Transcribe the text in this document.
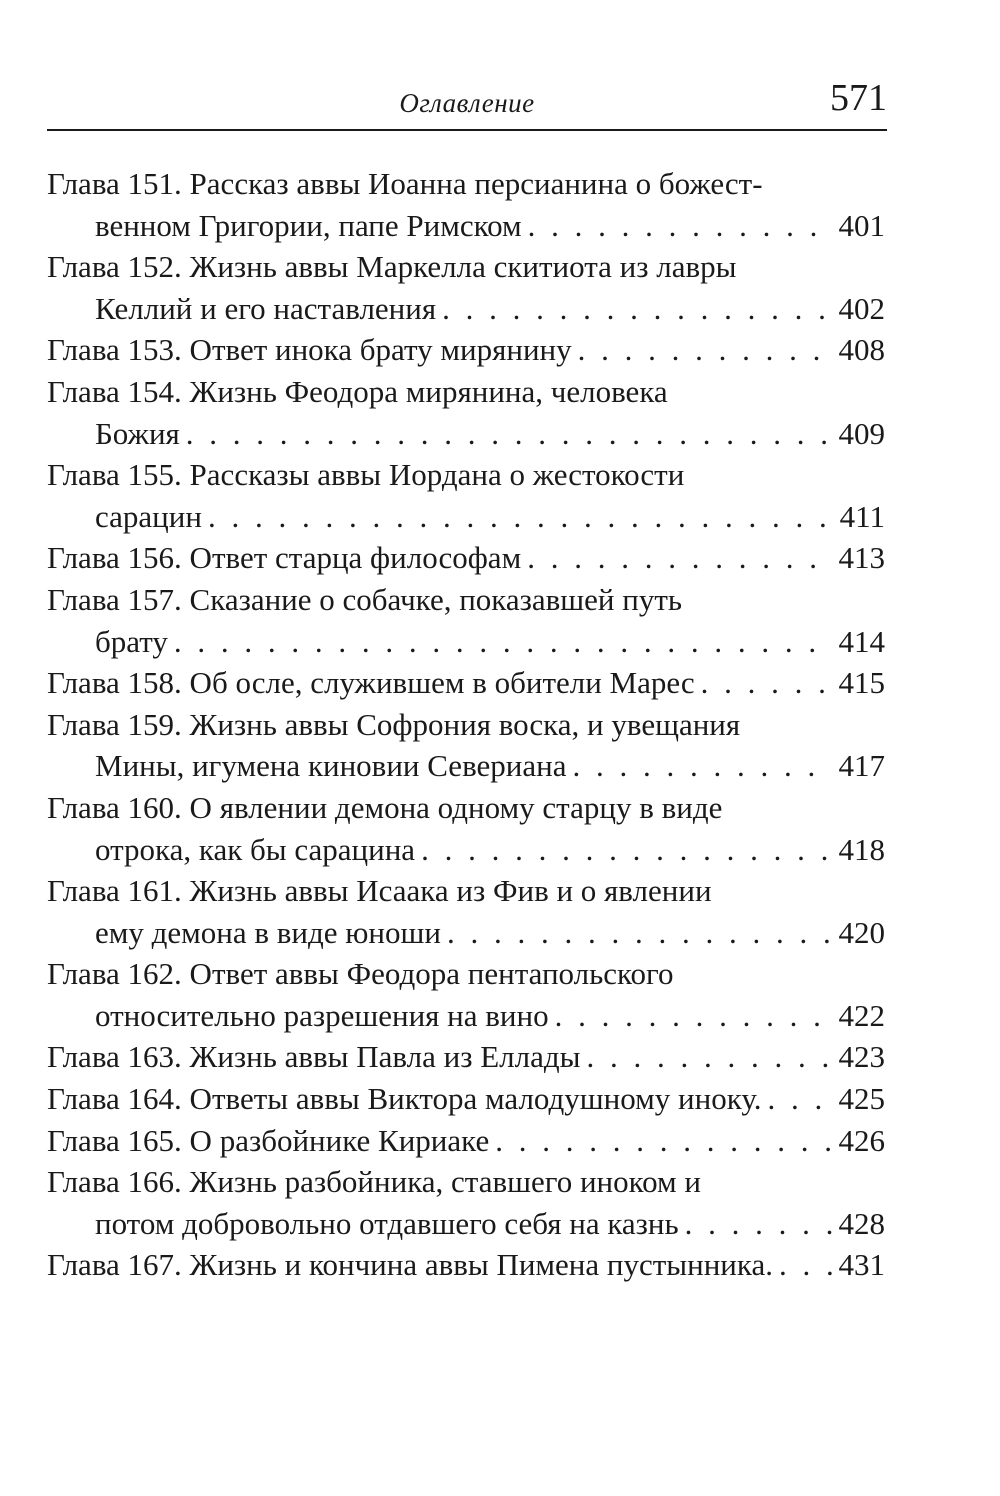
Оглавление	571
Глава 151. Рассказ аввы Иоанна персианина о божест-
венном Григории, папе Римском . . .	401
Глава 152. Жизнь аввы Маркелла скитиота из лавры
Келлий и его наставления . . .	402
Глава 153. Ответ инока брату мирянину . . .	408
Глава 154. Жизнь Феодора мирянина, человека
Божия . . .	409
Глава 155. Рассказы аввы Иордана о жестокости
сарацин . . .	411
Глава 156. Ответ старца философам . . .	413
Глава 157. Сказание о собачке, показавшей путь
брату . . .	414
Глава 158. Об осле, служившем в обители Марес . . .	415
Глава 159. Жизнь аввы Софрония воска, и увещания
Мины, игумена киновии Севериана . . .	417
Глава 160. О явлении демона одному старцу в виде
отрока, как бы сарацина . . .	418
Глава 161. Жизнь аввы Исаака из Фив и о явлении
ему демона в виде юноши . . .	420
Глава 162. Ответ аввы Феодора пентапольского
относительно разрешения на вино . . .	422
Глава 163. Жизнь аввы Павла из Еллады . . .	423
Глава 164. Ответы аввы Виктора малодушному иноку. . . . 425
Глава 165. О разбойнике Кириаке . . .	426
Глава 166. Жизнь разбойника, ставшего иноком и
потом добровольно отдавшего себя на казнь . . .	428
Глава 167. Жизнь и кончина аввы Пимена пустынника. . . . 431
